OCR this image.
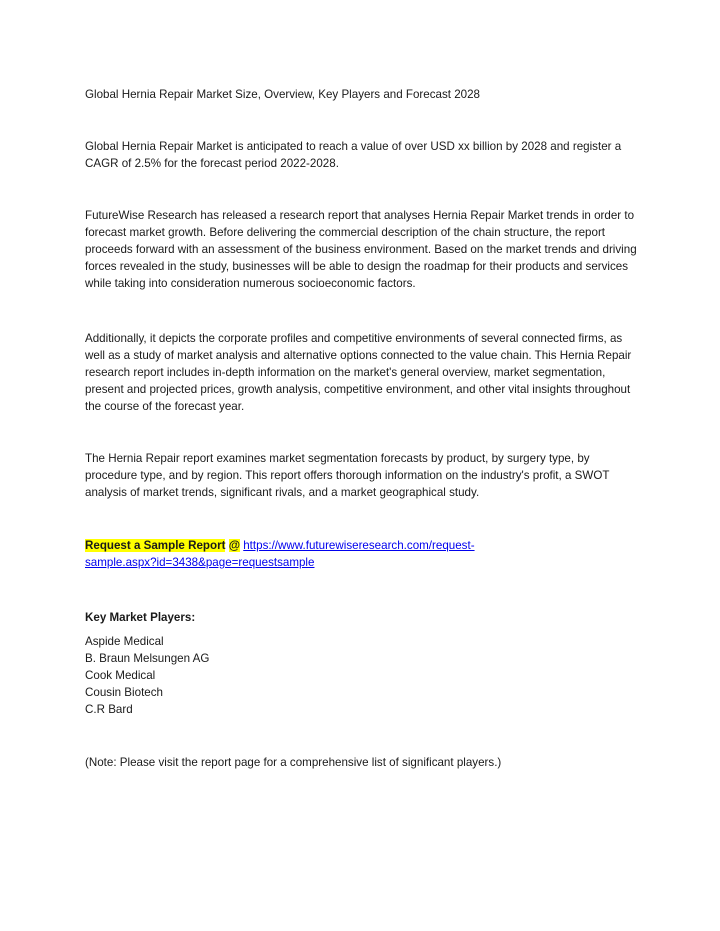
Global Hernia Repair Market Size, Overview, Key Players and Forecast 2028

Global Hernia Repair Market is anticipated to reach a value of over USD xx billion by 2028 and register a CAGR of 2.5% for the forecast period 2022-2028.

FutureWise Research has released a research report that analyses Hernia Repair Market trends in order to forecast market growth. Before delivering the commercial description of the chain structure, the report proceeds forward with an assessment of the business environment. Based on the market trends and driving forces revealed in the study, businesses will be able to design the roadmap for their products and services while taking into consideration numerous socioeconomic factors.

Additionally, it depicts the corporate profiles and competitive environments of several connected firms, as well as a study of market analysis and alternative options connected to the value chain. This Hernia Repair research report includes in-depth information on the market's general overview, market segmentation, present and projected prices, growth analysis, competitive environment, and other vital insights throughout the course of the forecast year.

The Hernia Repair report examines market segmentation forecasts by product, by surgery type, by procedure type, and by region. This report offers thorough information on the industry's profit, a SWOT analysis of market trends, significant rivals, and a market geographical study.

Request a Sample Report @ https://www.futurewiseresearch.com/request-
sample.aspx?id=3438&page=requestsample

Key Market Players:

Aspide Medical
B. Braun Melsungen AG
Cook Medical
Cousin Biotech
C.R Bard

(Note: Please visit the report page for a comprehensive list of significant players.)
